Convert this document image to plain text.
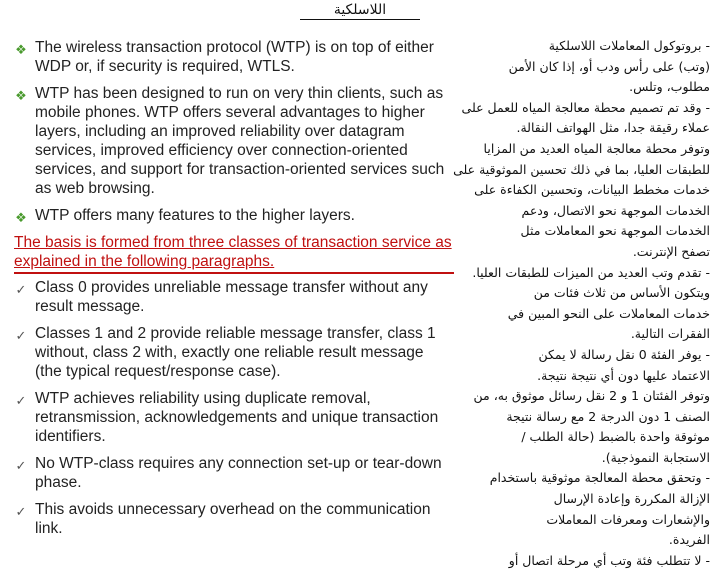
اللاسلكية
❖ The wireless transaction protocol (WTP) is on top of either WDP or, if security is required, WTLS.
❖ WTP has been designed to run on very thin clients, such as mobile phones. WTP offers several advantages to higher layers, including an improved reliability over datagram services, improved efficiency over connection-oriented services, and support for transaction-oriented services such as web browsing.
❖ WTP offers many features to the higher layers.
The basis is formed from three classes of transaction service as explained in the following paragraphs.
✓ Class 0 provides unreliable message transfer without any result message.
✓ Classes 1 and 2 provide reliable message transfer, class 1 without, class 2 with, exactly one reliable result message (the typical request/response case).
✓ WTP achieves reliability using duplicate removal, retransmission, acknowledgements and unique transaction identifiers.
✓ No WTP-class requires any connection set-up or tear-down phase.
✓ This avoids unnecessary overhead on the communication link.
- بروتوكول المعاملات اللاسلكية
(وتب) على رأس ودب أو، إذا كان الأمن
مطلوب، وتلس.
- وقد تم تصميم محطة معالجة المياه للعمل على
عملاء رقيقة جدا، مثل الهواتف النقالة.
وتوفر محطة معالجة المياه العديد من المزايا
للطبقات العليا، بما في ذلك تحسين الموثوقية على
خدمات مخطط البيانات، وتحسين الكفاءة على
الخدمات الموجهة نحو الاتصال، ودعم
الخدمات الموجهة نحو المعاملات مثل
تصفح الإنترنت.
- تقدم وتب العديد من الميزات للطبقات العليا.
ويتكون الأساس من ثلاث فئات من
خدمات المعاملات على النحو المبين في
الفقرات التالية.
- يوفر الفئة 0 نقل رسالة لا يمكن
الاعتماد عليها دون أي نتيجة نتيجة.
وتوفر الفئتان 1 و 2 نقل رسائل موثوق به، من
الصنف 1 دون الدرجة 2 مع رسالة نتيجة
موثوقة واحدة بالضبط (حالة الطلب /
الاستجابة النموذجية).
- وتحقق محطة المعالجة موثوقية باستخدام
الإزالة المكررة وإعادة الإرسال
والإشعارات ومعرفات المعاملات
الفريدة.
- لا تتطلب فئة وتب أي مرحلة اتصال أو
